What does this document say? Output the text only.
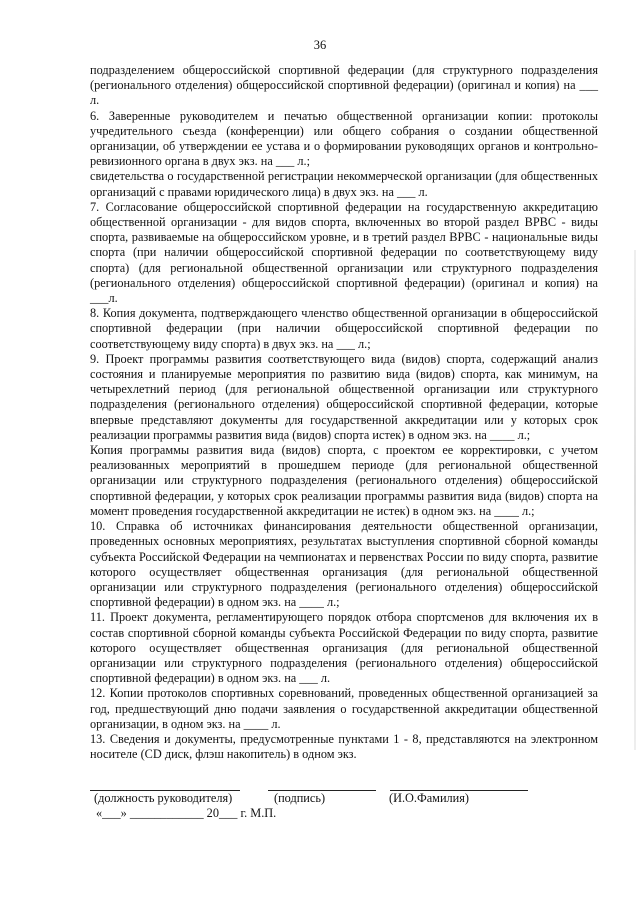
36

подразделением общероссийской спортивной федерации (для структурного подразделения (регионального отделения) общероссийской спортивной федерации) (оригинал и копия) на ___ л.

6. Заверенные руководителем и печатью общественной организации копии: протоколы учредительного съезда (конференции) или общего собрания о создании общественной организации, об утверждении ее устава и о формировании руководящих органов и контрольно-ревизионного органа в двух экз. на ___ л.;

свидетельства о государственной регистрации некоммерческой организации (для общественных организаций с правами юридического лица) в двух экз. на ___ л.

7. Согласование общероссийской спортивной федерации на государственную аккредитацию общественной организации - для видов спорта, включенных во второй раздел ВРВС - виды спорта, развиваемые на общероссийском уровне, и в третий раздел ВРВС - национальные виды спорта (при наличии общероссийской спортивной федерации по соответствующему виду спорта) (для региональной общественной организации или структурного подразделения (регионального отделения) общероссийской спортивной федерации) (оригинал и копия) на ___л.

8. Копия документа, подтверждающего членство общественной организации в общероссийской спортивной федерации (при наличии общероссийской спортивной федерации по соответствующему виду спорта) в двух экз. на ___ л.;

9. Проект программы развития соответствующего вида (видов) спорта, содержащий анализ состояния и планируемые мероприятия по развитию вида (видов) спорта, как минимум, на четырехлетний период (для региональной общественной организации или структурного подразделения (регионального отделения) общероссийской спортивной федерации, которые впервые представляют документы для государственной аккредитации или у которых срок реализации программы развития вида (видов) спорта истек) в одном экз. на ____ л.;

Копия программы развития вида (видов) спорта, с проектом ее корректировки, с учетом реализованных мероприятий в прошедшем периоде (для региональной общественной организации или структурного подразделения (регионального отделения) общероссийской спортивной федерации, у которых срок реализации программы развития вида (видов) спорта на момент проведения государственной аккредитации не истек) в одном экз. на ____ л.;

10. Справка об источниках финансирования деятельности общественной организации, проведенных основных мероприятиях, результатах выступления спортивной сборной команды субъекта Российской Федерации на чемпионатах и первенствах России по виду спорта, развитие которого осуществляет общественная организация (для региональной общественной организации или структурного подразделения (регионального отделения) общероссийской спортивной федерации) в одном экз. на ____ л.;

11. Проект документа, регламентирующего порядок отбора спортсменов для включения их в состав спортивной сборной команды субъекта Российской Федерации по виду спорта, развитие которого осуществляет общественная организация (для региональной общественной организации или структурного подразделения (регионального отделения) общероссийской спортивной федерации) в одном экз. на ___ л.

12. Копии протоколов спортивных соревнований, проведенных общественной организацией за год, предшествующий дню подачи заявления о государственной аккредитации общественной организации, в одном экз. на ____ л.

13. Сведения и документы, предусмотренные пунктами 1 - 8, представляются на электронном носителе (CD диск, флэш накопитель) в одном экз.

(должность руководителя)	(подпись)	(И.О.Фамилия)
«___» ____________ 20___ г. М.П.
